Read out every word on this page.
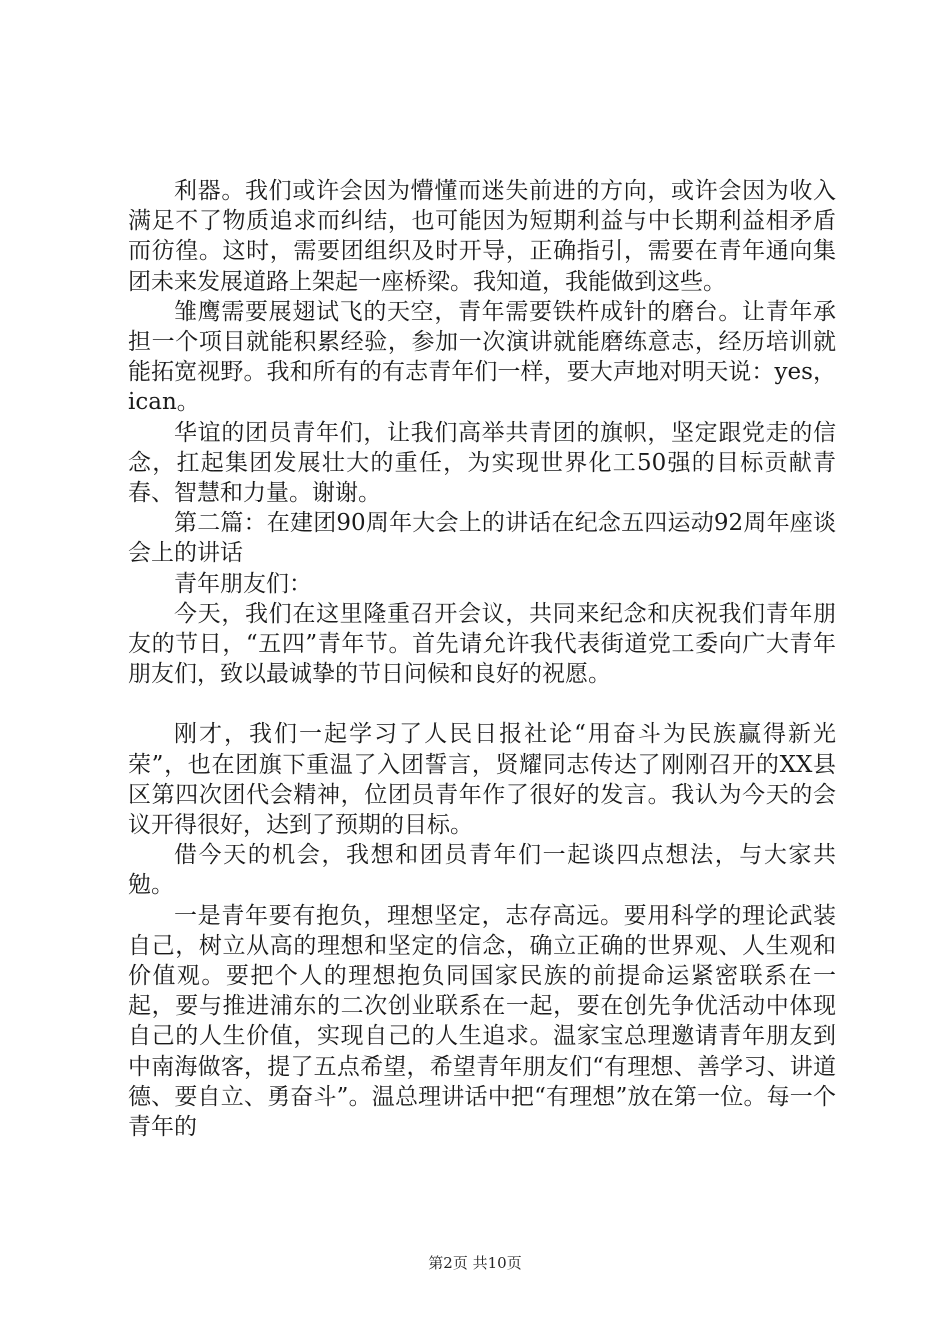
利器。我们或许会因为懵懂而迷失前进的方向，或许会因为收入满足不了物质追求而纠结，也可能因为短期利益与中长期利益相矛盾而彷徨。这时，需要团组织及时开导，正确指引，需要在青年通向集团未来发展道路上架起一座桥梁。我知道，我能做到这些。

雏鹰需要展翅试飞的天空，青年需要铁杵成针的磨台。让青年承担一个项目就能积累经验，参加一次演讲就能磨练意志，经历培训就能拓宽视野。我和所有的有志青年们一样，要大声地对明天说：yes，ican。

华谊的团员青年们，让我们高举共青团的旗帜，坚定跟党走的信念，扛起集团发展壮大的重任，为实现世界化工50强的目标贡献青春、智慧和力量。谢谢。

第二篇：在建团90周年大会上的讲话在纪念五四运动92周年座谈会上的讲话

青年朋友们：

今天，我们在这里隆重召开会议，共同来纪念和庆祝我们青年朋友的节日，“五四”青年节。首先请允许我代表街道党工委向广大青年朋友们，致以最诚挚的节日问候和良好的祝愿。

刚才，我们一起学习了人民日报社论“用奋斗为民族赢得新光荣”，也在团旗下重温了入团誓言，贤耀同志传达了刚刚召开的XX县区第四次团代会精神，位团员青年作了很好的发言。我认为今天的会议开得很好，达到了预期的目标。

借今天的机会，我想和团员青年们一起谈四点想法，与大家共勉。

一是青年要有抱负，理想坚定，志存高远。要用科学的理论武装自己，树立从高的理想和坚定的信念，确立正确的世界观、人生观和价值观。要把个人的理想抱负同国家民族的前提命运紧密联系在一起，要与推进浦东的二次创业联系在一起，要在创先争优活动中体现自己的人生价值，实现自己的人生追求。温家宝总理邀请青年朋友到中南海做客，提了五点希望，希望青年朋友们“有理想、善学习、讲道德、要自立、勇奋斗”。温总理讲话中把“有理想”放在第一位。每一个青年的

第2页 共10页
